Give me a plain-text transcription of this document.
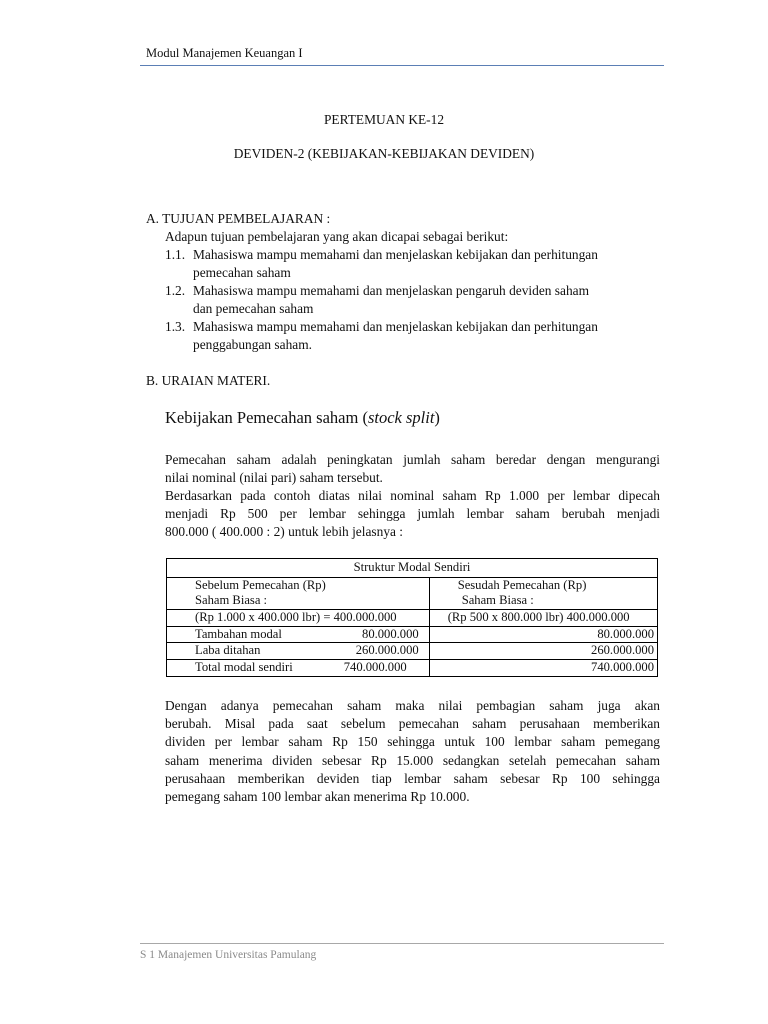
Modul Manajemen Keuangan I
PERTEMUAN KE-12
DEVIDEN-2 (KEBIJAKAN-KEBIJAKAN DEVIDEN)
A. TUJUAN PEMBELAJARAN :
Adapun tujuan pembelajaran yang akan dicapai sebagai berikut:
1.1. Mahasiswa mampu memahami dan menjelaskan kebijakan dan perhitungan
pemecahan saham
1.2. Mahasiswa mampu memahami dan menjelaskan pengaruh deviden saham
dan pemecahan saham
1.3. Mahasiswa mampu memahami dan menjelaskan kebijakan dan perhitungan
penggabungan saham.
B. URAIAN MATERI.
Kebijakan Pemecahan saham (stock split)
Pemecahan saham adalah peningkatan jumlah saham beredar dengan mengurangi
nilai nominal (nilai pari) saham tersebut.
Berdasarkan pada contoh diatas nilai nominal saham Rp 1.000 per lembar dipecah
menjadi Rp 500 per lembar sehingga jumlah lembar saham berubah menjadi
800.000 ( 400.000 : 2) untuk lebih jelasnya :
Struktur Modal Sendiri	
Sebelum Pemecahan (Rp)	Sesudah Pemecahan (Rp)
Saham Biasa :	Saham Biasa :
(Rp 1.000 x 400.000 lbr) = 400.000.000	(Rp 500 x 800.000 lbr) 400.000.000

Tambahan modal 80.000.000	80.000.000

Laba ditahan 260.000.000	260.000.000

Total modal sendiri 740.000.000	740.000.000
Dengan adanya pemecahan saham maka nilai pembagian saham juga akan
berubah. Misal pada saat sebelum pemecahan saham perusahaan memberikan
dividen per lembar saham Rp 150 sehingga untuk 100 lembar saham pemegang
saham menerima dividen sebesar Rp 15.000 sedangkan setelah pemecahan saham
perusahaan memberikan deviden tiap lembar saham sebesar Rp 100 sehingga
pemegang saham 100 lembar akan menerima Rp 10.000.
S 1 Manajemen Universitas Pamulang
